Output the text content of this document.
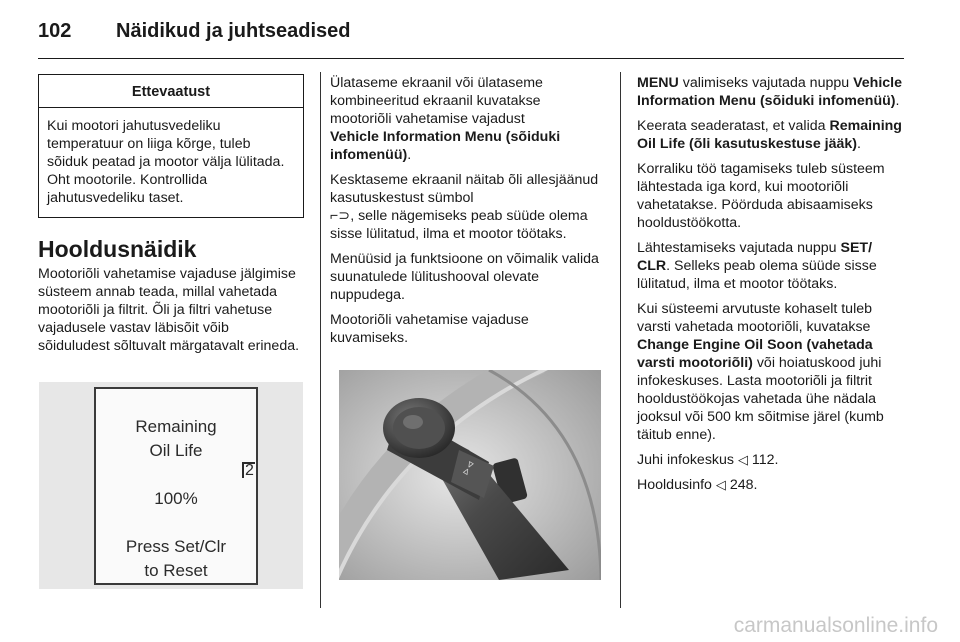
102 Näidikud ja juhtseadised
Ettevaatust
Kui mootori jahutusvedeliku temperatuur on liiga kõrge, tuleb sõiduk peatad ja mootor välja lülitada. Oht mootorile. Kontrollida jahutusvedeliku taset.
Hooldusnäidik

Mootoriõli vahetamise vajaduse jälgimise süsteem annab teada, millal vahetada mootoriõli ja filtrit. Õli ja filtri vahetuse vajadusele vastav läbisõit võib sõiduludest sõltuvalt märgatavalt erineda.

Remaining
Oil Life
2
100%
Press Set/Clr
to Reset

Ülataseme ekraanil või ülataseme kombineeritud ekraanil kuvatakse mootoriõli vahetamise vajadust
Vehicle Information Menu (sõiduki infomenüü).

Kesktaseme ekraanil näitab õli allesjäänud kasutuskestust sümbol
⌐⊃, selle nägemiseks peab süüde olema sisse lülitatud, ilma et mootor töötaks.

Menüüsid ja funktsioone on võimalik valida suunatulede lülitushooval olevate nuppudega.

Mootoriõli vahetamise vajaduse kuvamiseks.

⊳⊲

MENU valimiseks vajutada nuppu Vehicle Information Menu (sõiduki infomenüü).

Keerata seaderatast, et valida Remaining Oil Life (õli kasutuskestuse jääk).

Korraliku töö tagamiseks tuleb süsteem lähtestada iga kord, kui mootoriõli vahetatakse. Pöörduda abisaamiseks hooldustöökotta.

Lähtestamiseks vajutada nuppu SET/ CLR. Selleks peab olema süüde sisse lülitatud, ilma et mootor töötaks.

Kui süsteemi arvutuste kohaselt tuleb varsti vahetada mootoriõli, kuvatakse Change Engine Oil Soon (vahetada varsti mootoriõli) või hoiatuskood juhi infokeskuses. Lasta mootoriõli ja filtrit hooldustöökojas vahetada ühe nädala jooksul või 500 km sõitmise järel (kumb täitub enne).

Juhi infokeskus ◁ 112.

Hooldusinfo ◁ 248.

carmanualsonline.info
